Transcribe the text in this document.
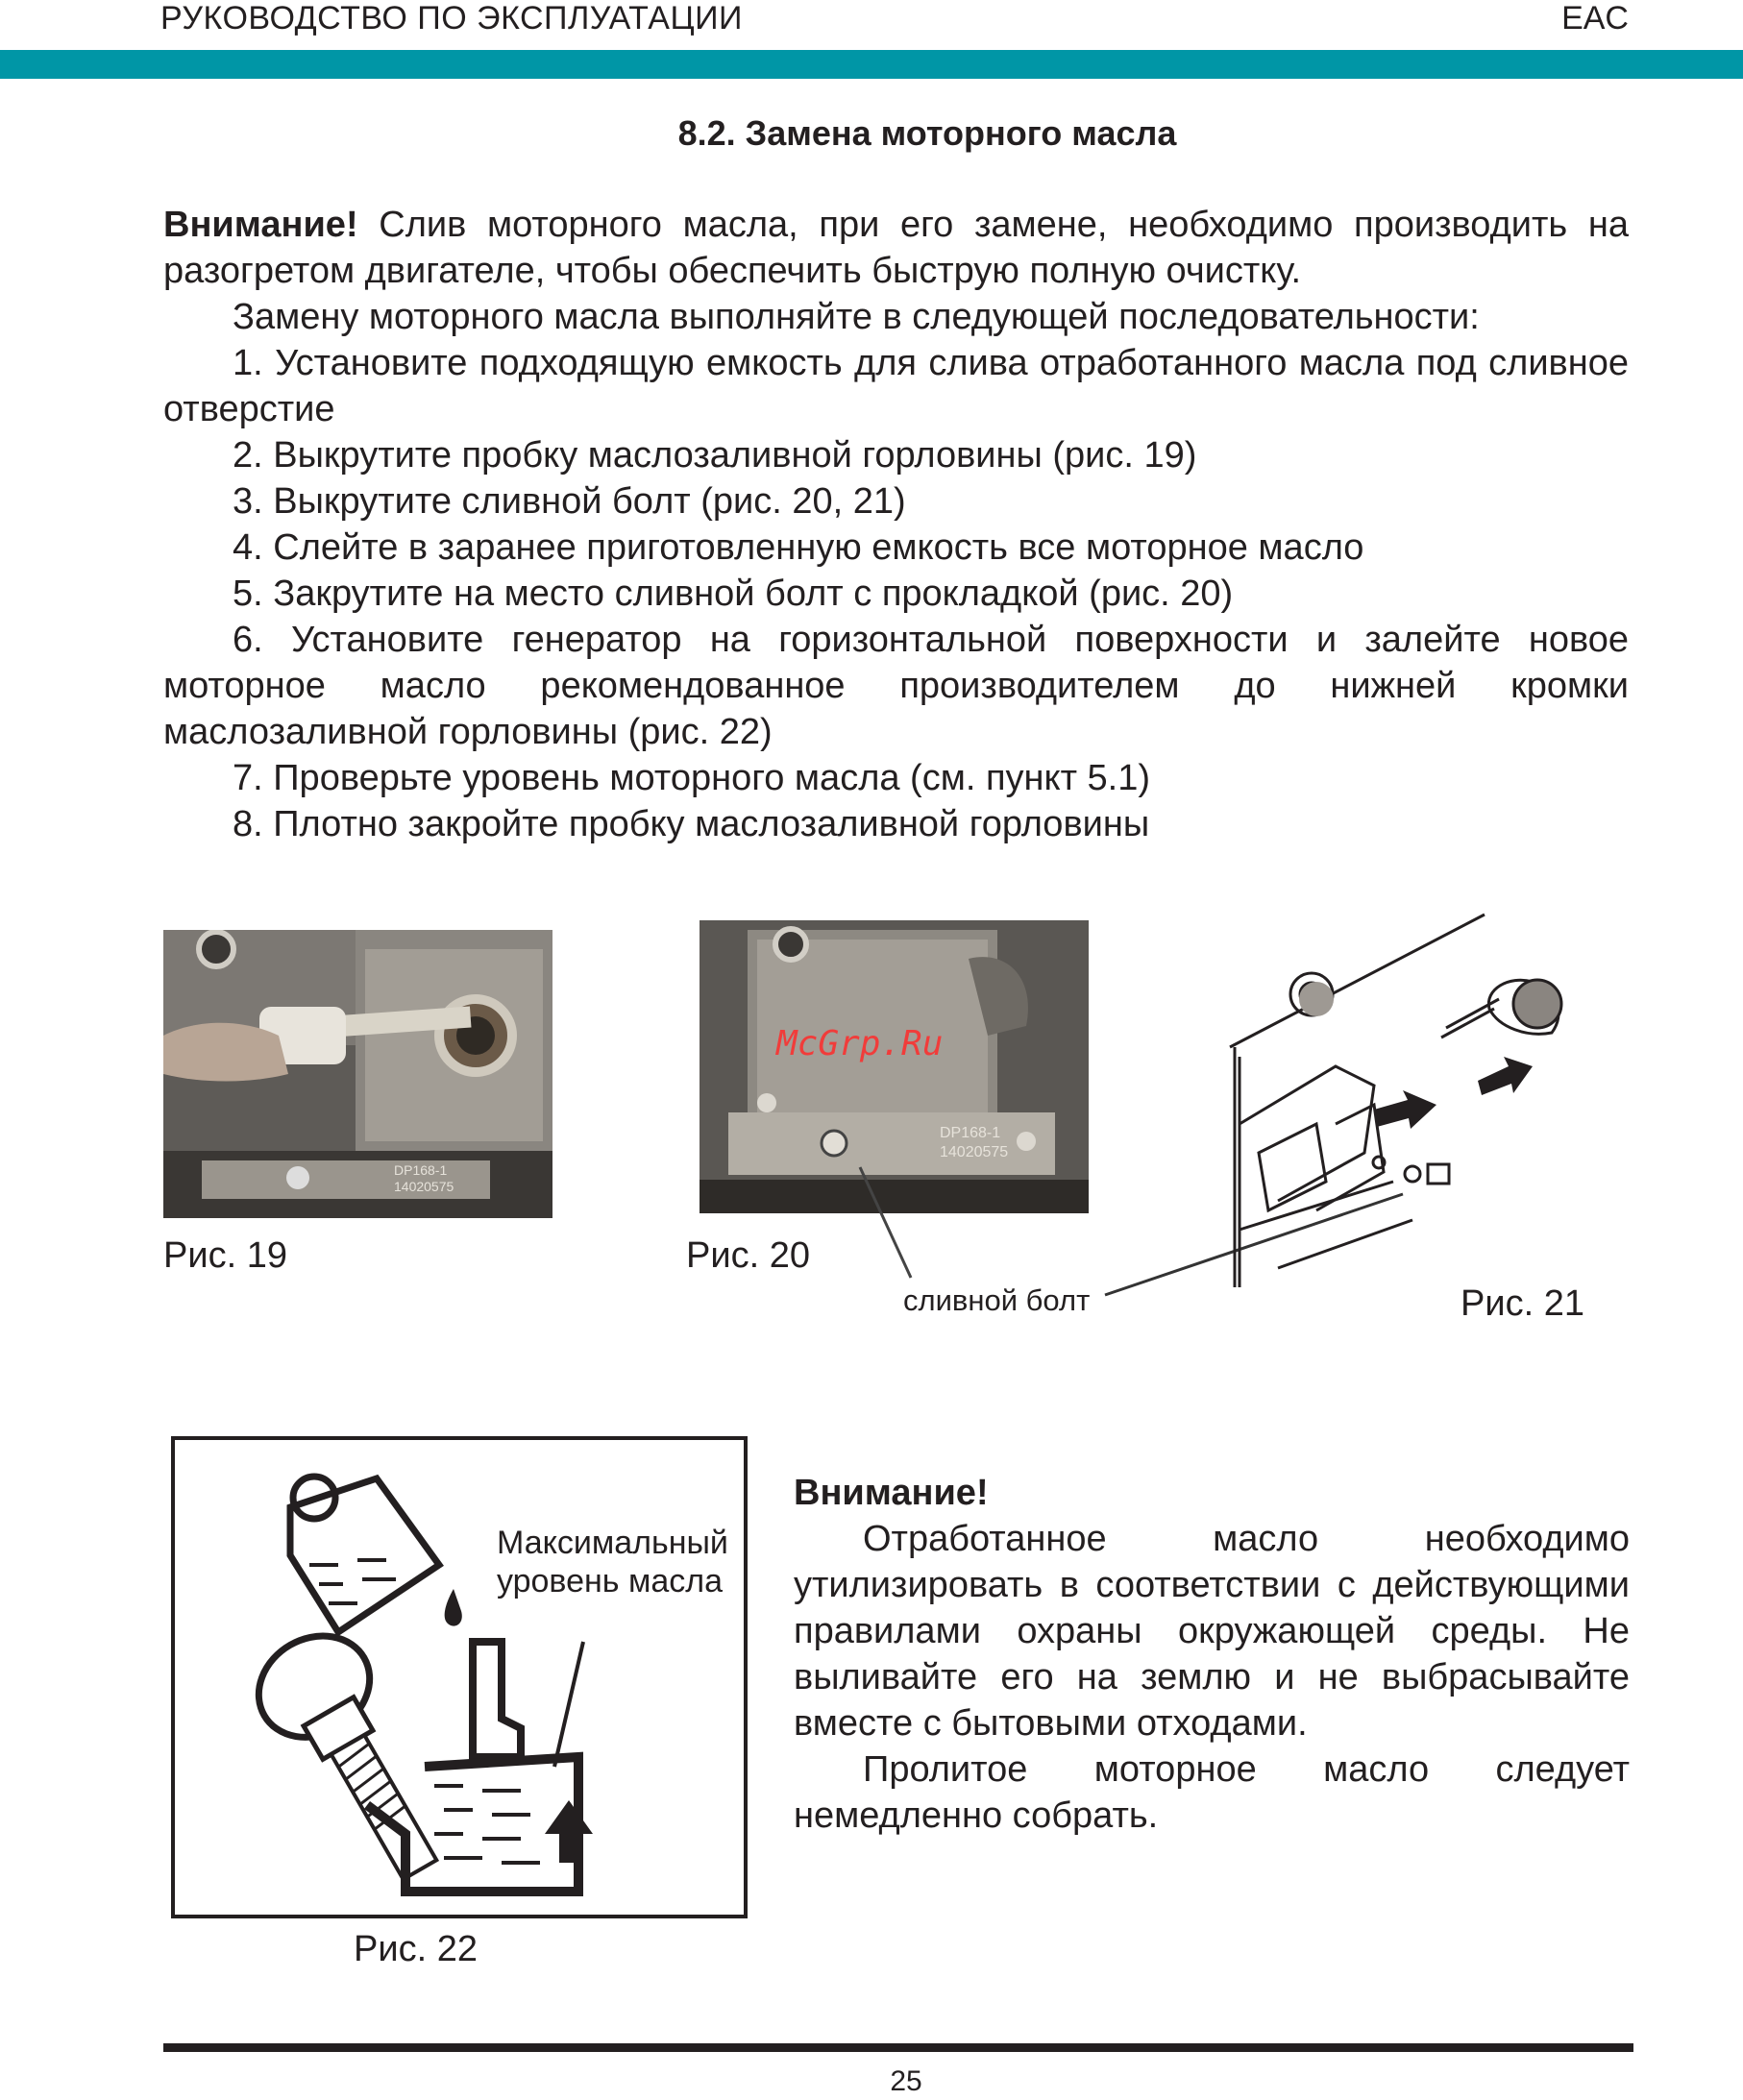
РУКОВОДСТВО ПО ЭКСПЛУАТАЦИИ	EAC
8.2. Замена моторного масла

Внимание! Слив моторного масла, при его замене, необходимо производить на разогретом двигателе, чтобы обеспечить быструю полную очистку.

Замену моторного масла выполняйте в следующей последовательности:

1. Установите подходящую емкость для слива отработанного масла под сливное отверстие

2. Выкрутите пробку маслозаливной горловины (рис. 19)

3. Выкрутите сливной болт (рис. 20, 21)

4. Слейте в заранее приготовленную емкость все моторное масло

5. Закрутите на место сливной болт с прокладкой (рис. 20)

6. Установите генератор на горизонтальной поверхности и залейте новое моторное масло рекомендованное производителем до нижней кромки маслозаливной горловины (рис. 22)

7. Проверьте уровень моторного масла (см. пункт 5.1)

8. Плотно закройте пробку маслозаливной горловины

DP168-1
14020575
Рис. 19
DP168-1
14020575
McGrp.Ru
Рис. 20
сливной болт	Рис. 21
Максимальный
уровень масла
Рис. 22

Внимание!

Отработанное масло необходимо утилизировать в соответствии с действующими правилами охраны окружающей среды. Не выливайте его на землю и не выбрасывайте вместе с бытовыми отходами.

Пролитое моторное масло следует немедленно собрать.

25
